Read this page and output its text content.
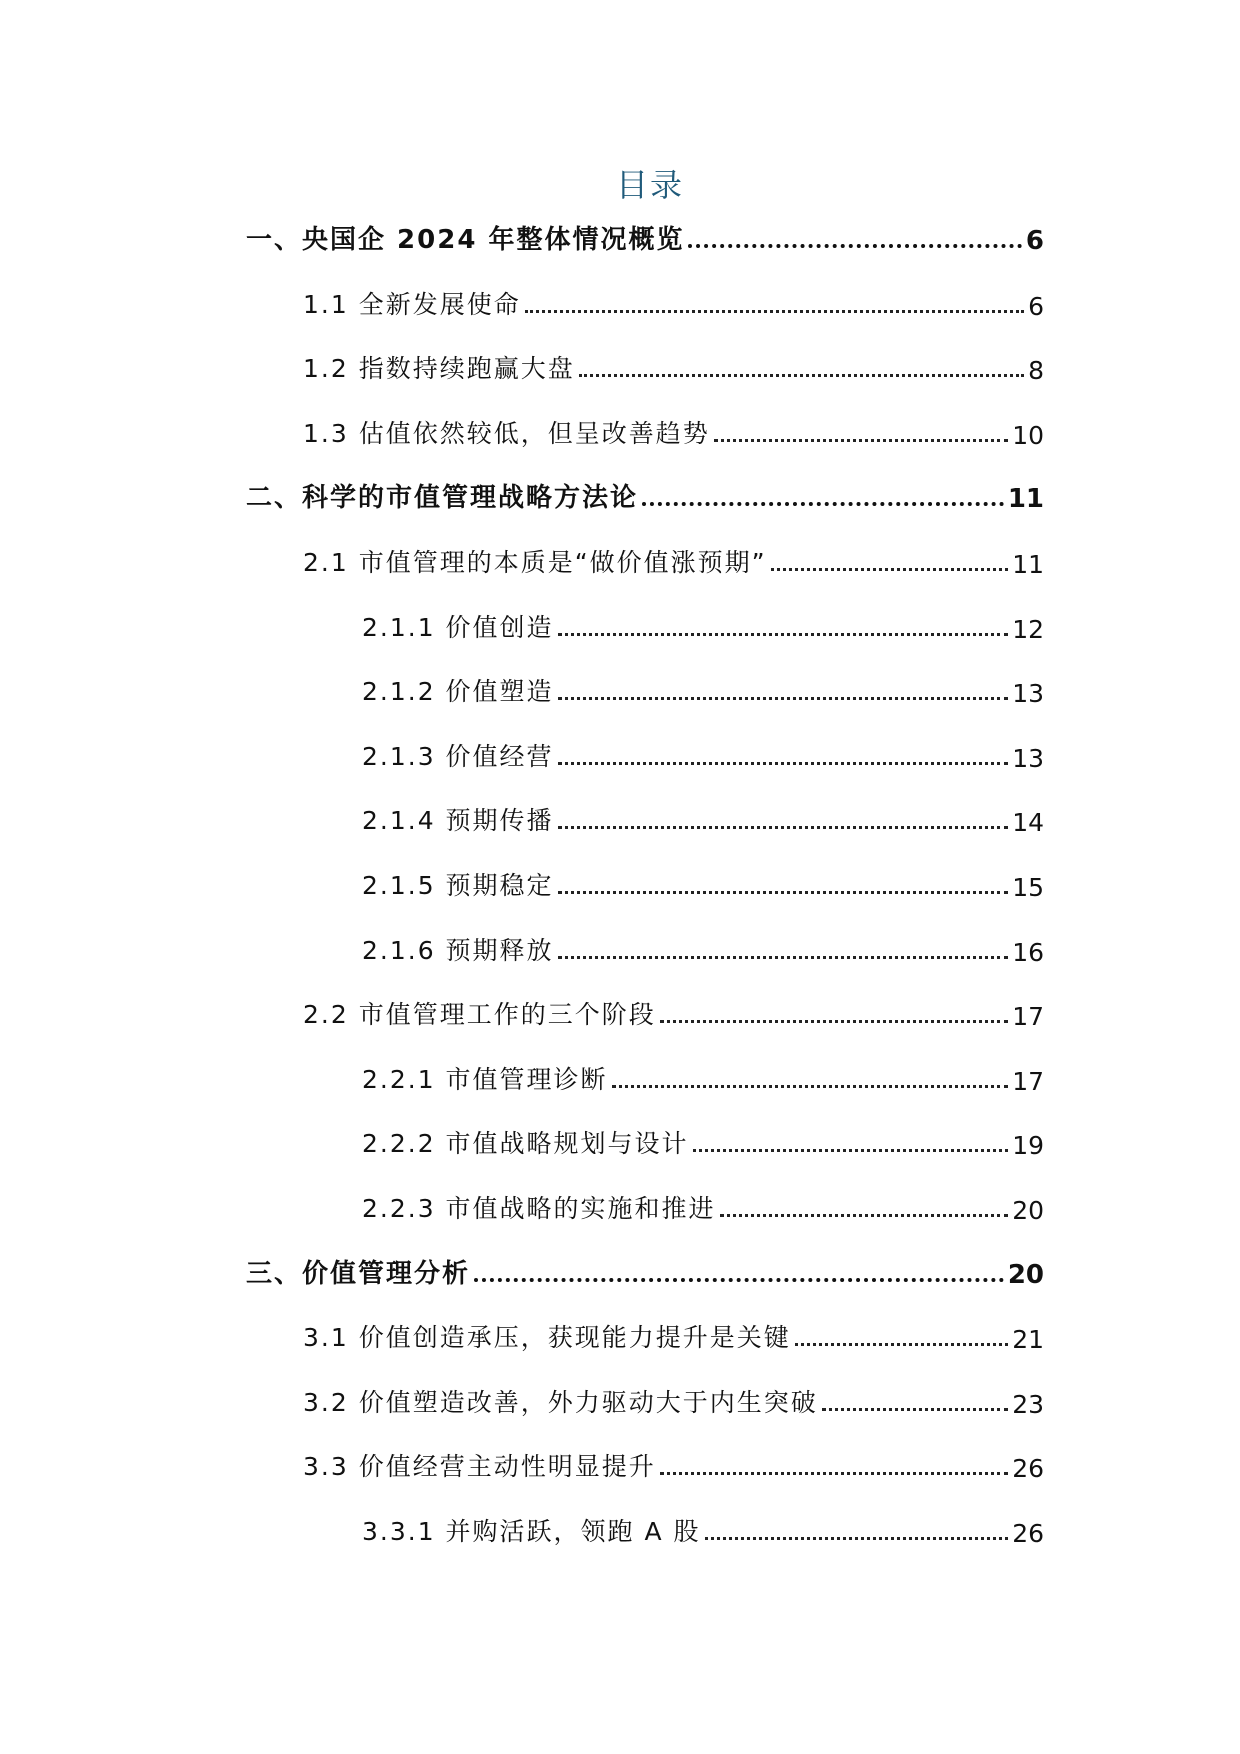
目录
一、央国企 2024 年整体情况概览	6
1.1 全新发展使命	6
1.2 指数持续跑赢大盘	8
1.3 估值依然较低，但呈改善趋势	10
二、科学的市值管理战略方法论	11
2.1 市值管理的本质是“做价值涨预期”	11
2.1.1 价值创造	12
2.1.2 价值塑造	13
2.1.3 价值经营	13
2.1.4 预期传播	14
2.1.5 预期稳定	15
2.1.6 预期释放	16
2.2 市值管理工作的三个阶段	17
2.2.1 市值管理诊断	17
2.2.2 市值战略规划与设计	19
2.2.3 市值战略的实施和推进	20
三、价值管理分析	20
3.1 价值创造承压，获现能力提升是关键	21
3.2 价值塑造改善，外力驱动大于内生突破	23
3.3 价值经营主动性明显提升	26
3.3.1 并购活跃，领跑 A 股	26
